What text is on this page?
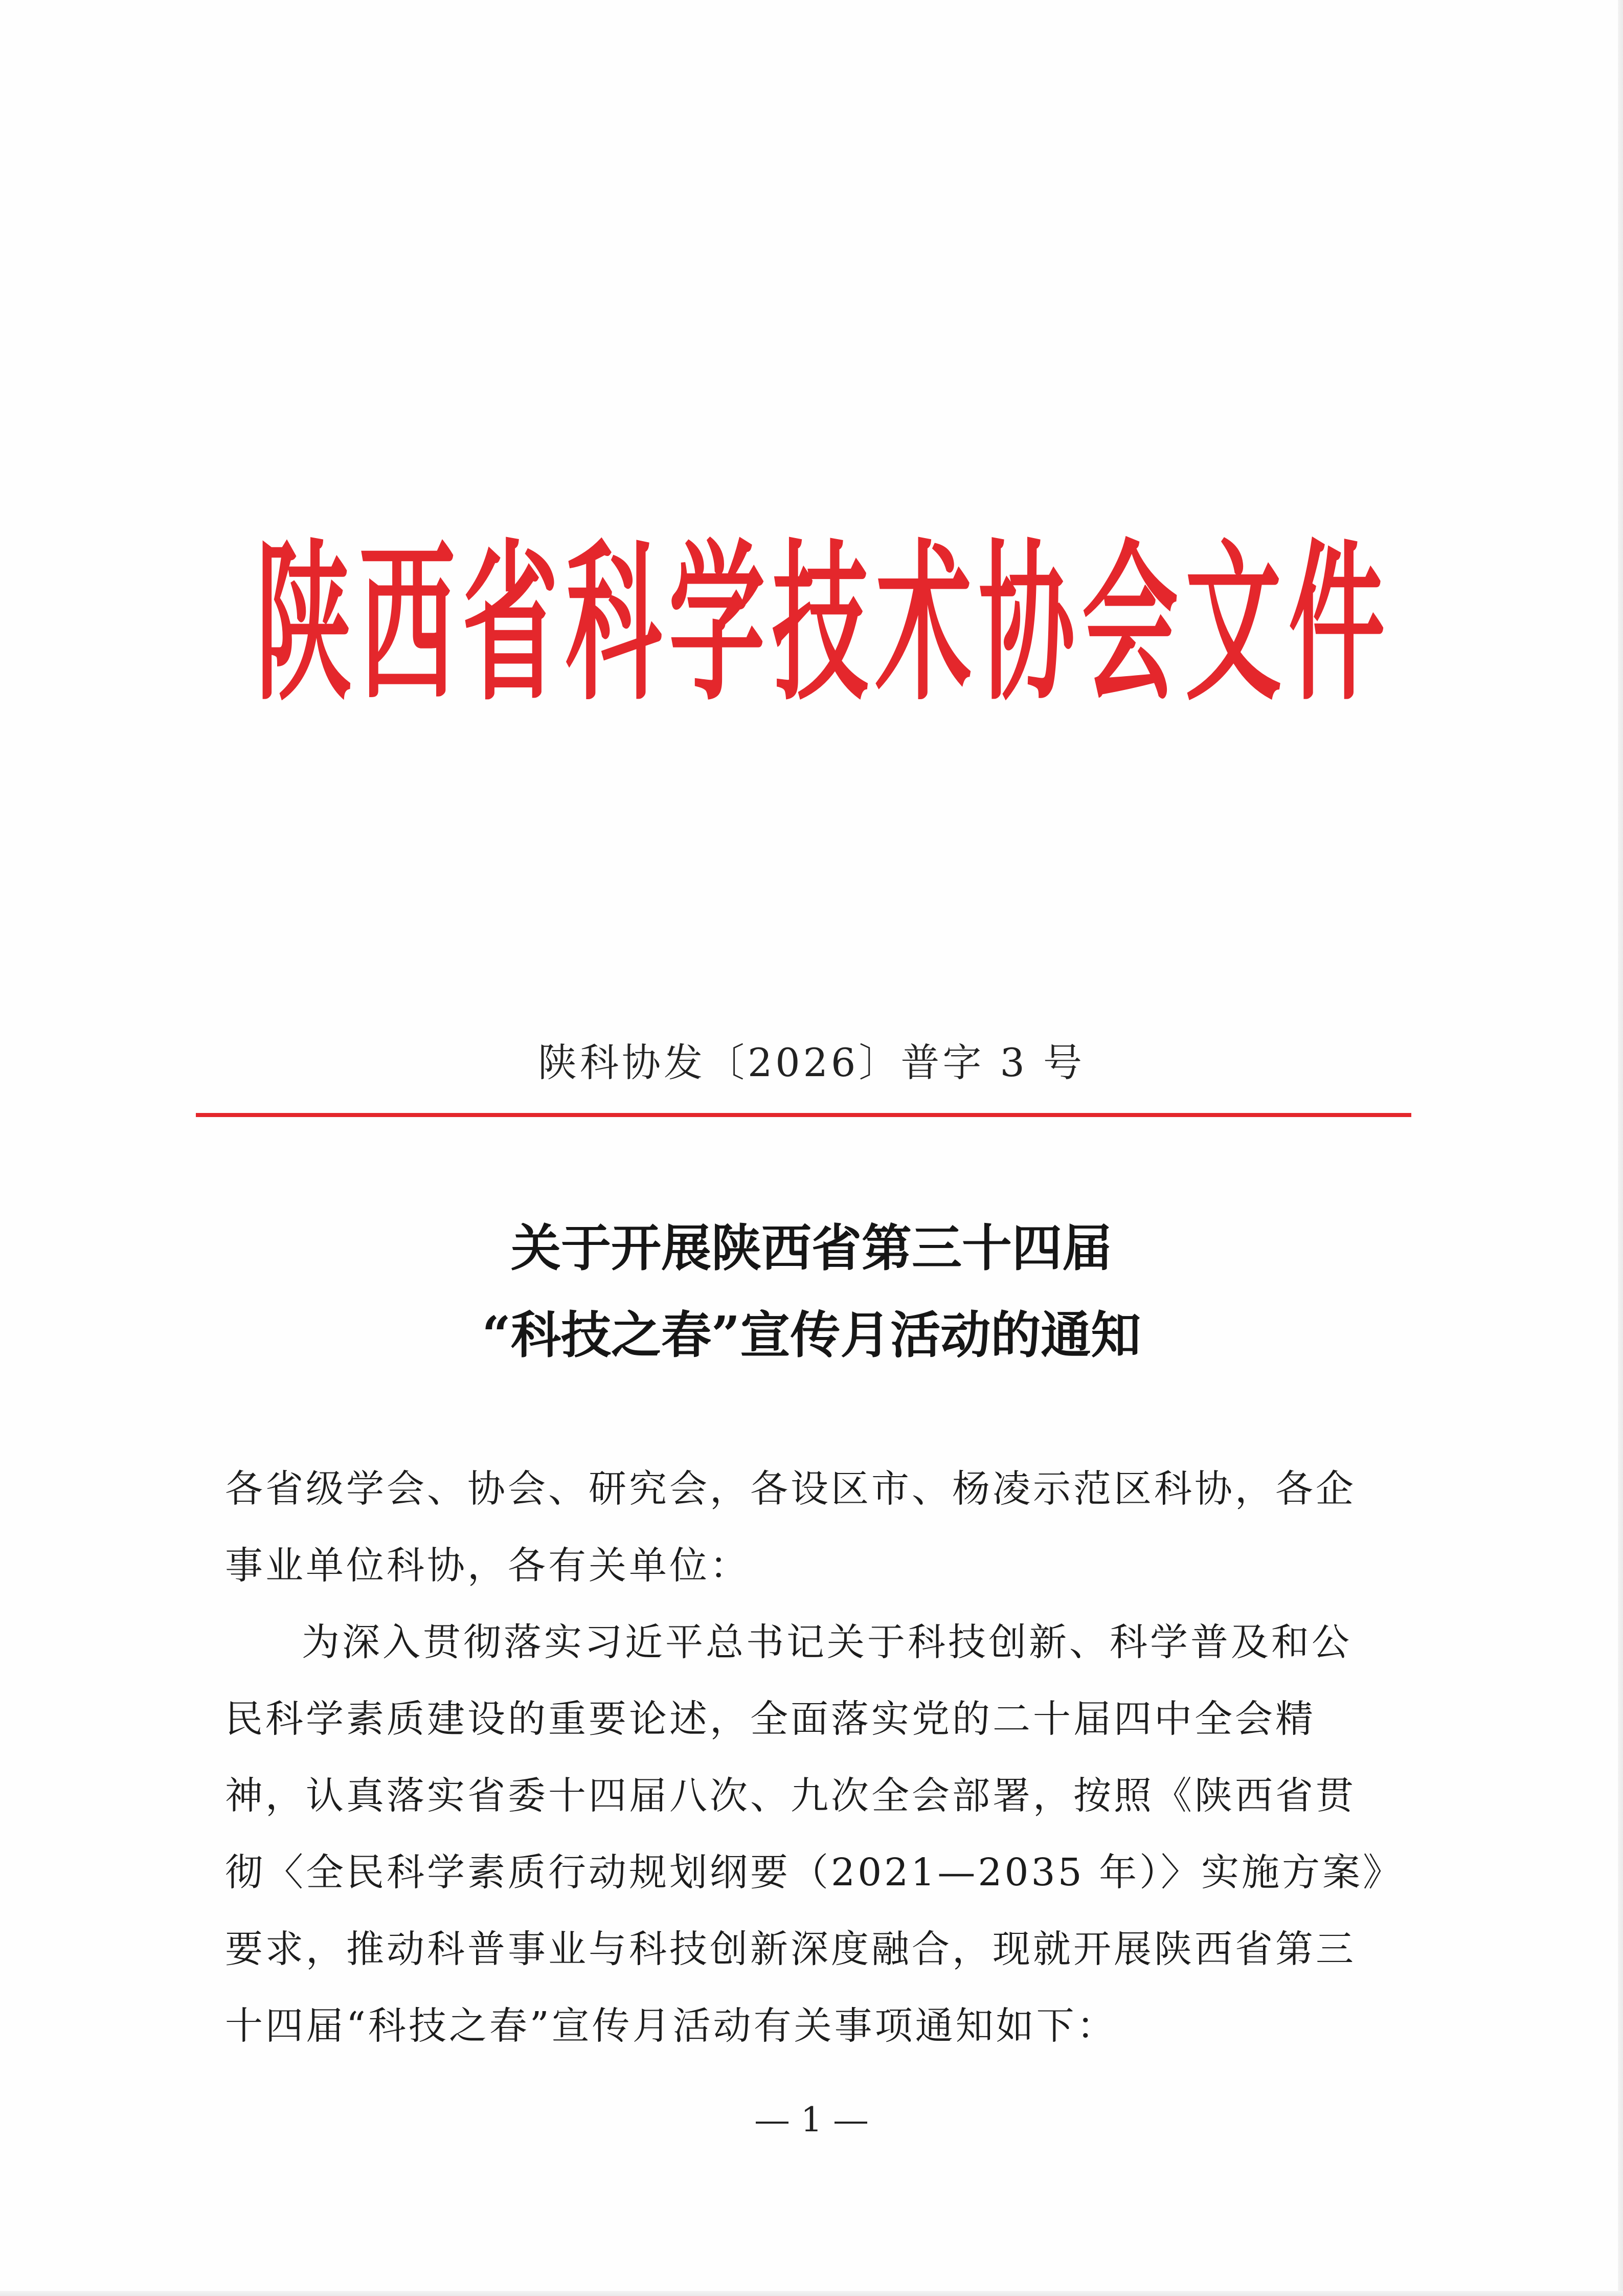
陕西省科学技术协会文件
陕科协发〔2026〕普字 3 号
关于开展陕西省第三十四届
“科技之春”宣传月活动的通知
各省级学会、协会、研究会，各设区市、杨凌示范区科协，各企
事业单位科协，各有关单位：
为深入贯彻落实习近平总书记关于科技创新、科学普及和公
民科学素质建设的重要论述，全面落实党的二十届四中全会精
神，认真落实省委十四届八次、九次全会部署，按照《陕西省贯
彻〈全民科学素质行动规划纲要（2021—2035 年）〉实施方案》
要求，推动科普事业与科技创新深度融合，现就开展陕西省第三
十四届“科技之春”宣传月活动有关事项通知如下：
1
